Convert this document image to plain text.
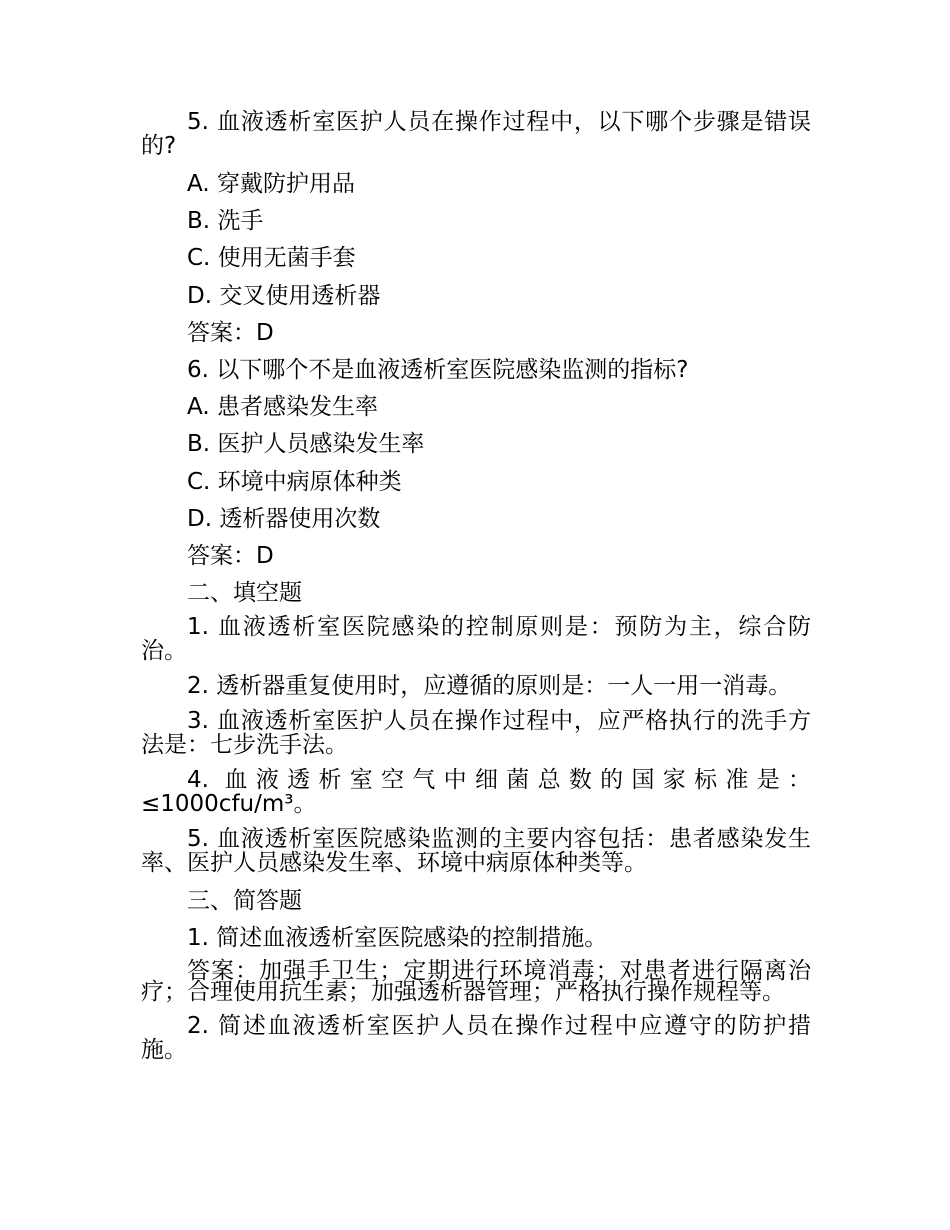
5. 血液透析室医护人员在操作过程中，以下哪个步骤是错误的?
A. 穿戴防护用品
B. 洗手
C. 使用无菌手套
D. 交叉使用透析器
答案：D
6. 以下哪个不是血液透析室医院感染监测的指标?
A. 患者感染发生率
B. 医护人员感染发生率
C. 环境中病原体种类
D. 透析器使用次数
答案：D
二、填空题
1. 血液透析室医院感染的控制原则是：预防为主，综合防治。
2. 透析器重复使用时，应遵循的原则是：一人一用一消毒。
3. 血液透析室医护人员在操作过程中，应严格执行的洗手方法是：七步洗手法。
4. 血液透析室空气中细菌总数的国家标准是：≤1000cfu/m³。
5. 血液透析室医院感染监测的主要内容包括：患者感染发生率、医护人员感染发生率、环境中病原体种类等。
三、简答题
1. 简述血液透析室医院感染的控制措施。
答案：加强手卫生；定期进行环境消毒；对患者进行隔离治疗；合理使用抗生素；加强透析器管理；严格执行操作规程等。
2. 简述血液透析室医护人员在操作过程中应遵守的防护措施。
